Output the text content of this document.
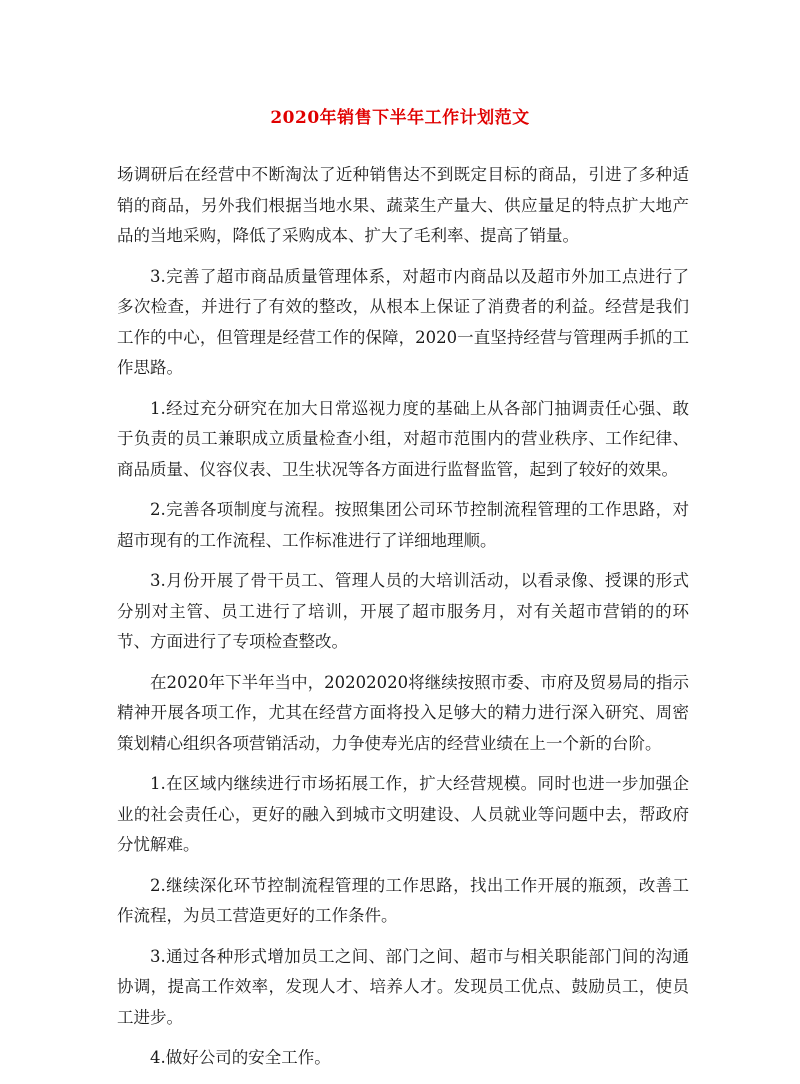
2020年销售下半年工作计划范文

场调研后在经营中不断淘汰了近种销售达不到既定目标的商品，引进了多种适销的商品，另外我们根据当地水果、蔬菜生产量大、供应量足的特点扩大地产品的当地采购，降低了采购成本、扩大了毛利率、提高了销量。

3.完善了超市商品质量管理体系，对超市内商品以及超市外加工点进行了多次检查，并进行了有效的整改，从根本上保证了消费者的利益。经营是我们工作的中心，但管理是经营工作的保障，2020一直坚持经营与管理两手抓的工作思路。

1.经过充分研究在加大日常巡视力度的基础上从各部门抽调责任心强、敢于负责的员工兼职成立质量检查小组，对超市范围内的营业秩序、工作纪律、商品质量、仪容仪表、卫生状况等各方面进行监督监管，起到了较好的效果。

2.完善各项制度与流程。按照集团公司环节控制流程管理的工作思路，对超市现有的工作流程、工作标准进行了详细地理顺。

3.月份开展了骨干员工、管理人员的大培训活动，以看录像、授课的形式分别对主管、员工进行了培训，开展了超市服务月，对有关超市营销的的环节、方面进行了专项检查整改。

在2020年下半年当中，20202020将继续按照市委、市府及贸易局的指示精神开展各项工作，尤其在经营方面将投入足够大的精力进行深入研究、周密策划精心组织各项营销活动，力争使寿光店的经营业绩在上一个新的台阶。

1.在区域内继续进行市场拓展工作，扩大经营规模。同时也进一步加强企业的社会责任心，更好的融入到城市文明建设、人员就业等问题中去，帮政府分忧解难。

2.继续深化环节控制流程管理的工作思路，找出工作开展的瓶颈，改善工作流程，为员工营造更好的工作条件。

3.通过各种形式增加员工之间、部门之间、超市与相关职能部门间的沟通协调，提高工作效率，发现人才、培养人才。发现员工优点、鼓励员工，使员工进步。

4.做好公司的安全工作。
